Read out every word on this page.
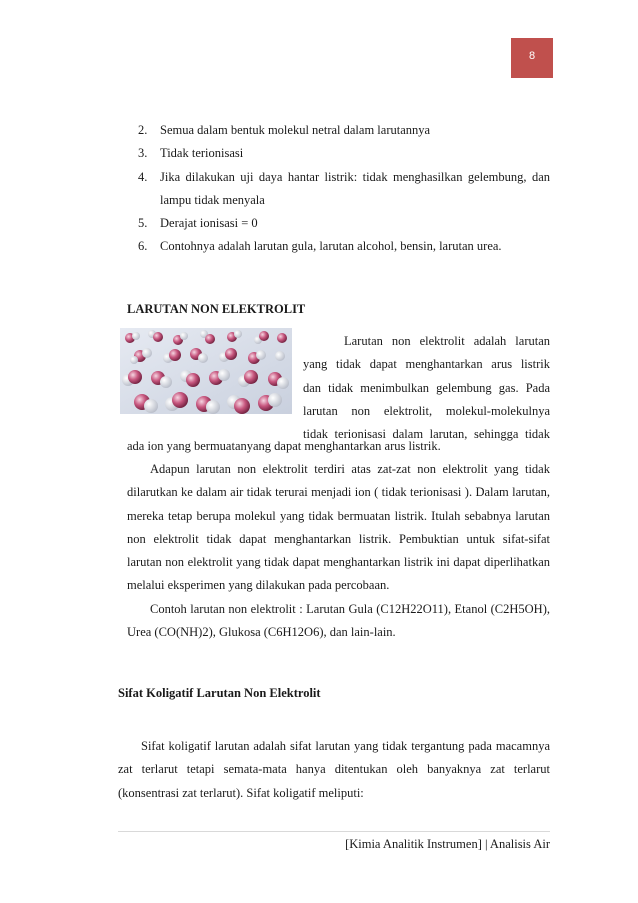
8
2. Semua dalam bentuk molekul netral dalam larutannya
3. Tidak terionisasi
4. Jika dilakukan uji daya hantar listrik: tidak menghasilkan gelembung, dan lampu tidak menyala
5. Derajat ionisasi = 0
6. Contohnya adalah larutan gula, larutan alcohol, bensin, larutan urea.
LARUTAN NON ELEKTROLIT
Larutan non elektrolit adalah larutan
yang tidak dapat menghantarkan arus listrik
dan tidak menimbulkan gelembung gas. Pada
larutan non elektrolit, molekul-molekulnya
tidak terionisasi dalam larutan, sehingga tidak

ada ion yang bermuatanyang dapat menghantarkan arus listrik.

Adapun larutan non elektrolit terdiri atas zat-zat non elektrolit yang tidak dilarutkan ke dalam air tidak terurai menjadi ion ( tidak terionisasi ). Dalam larutan, mereka tetap berupa molekul yang tidak bermuatan listrik. Itulah sebabnya larutan non elektrolit tidak dapat menghantarkan listrik. Pembuktian untuk sifat-sifat larutan non elektrolit yang tidak dapat menghantarkan listrik ini dapat diperlihatkan melalui eksperimen yang dilakukan pada percobaan.

Contoh larutan non elektrolit : Larutan Gula (C12H22O11), Etanol (C2H5OH), Urea (CO(NH)2), Glukosa (C6H12O6), dan lain-lain.

Sifat Koligatif Larutan Non Elektrolit

Sifat koligatif larutan adalah sifat larutan yang tidak tergantung pada macamnya zat terlarut tetapi semata-mata hanya ditentukan oleh banyaknya zat terlarut (konsentrasi zat terlarut). Sifat koligatif meliputi:

[Kimia Analitik Instrumen] | Analisis Air
